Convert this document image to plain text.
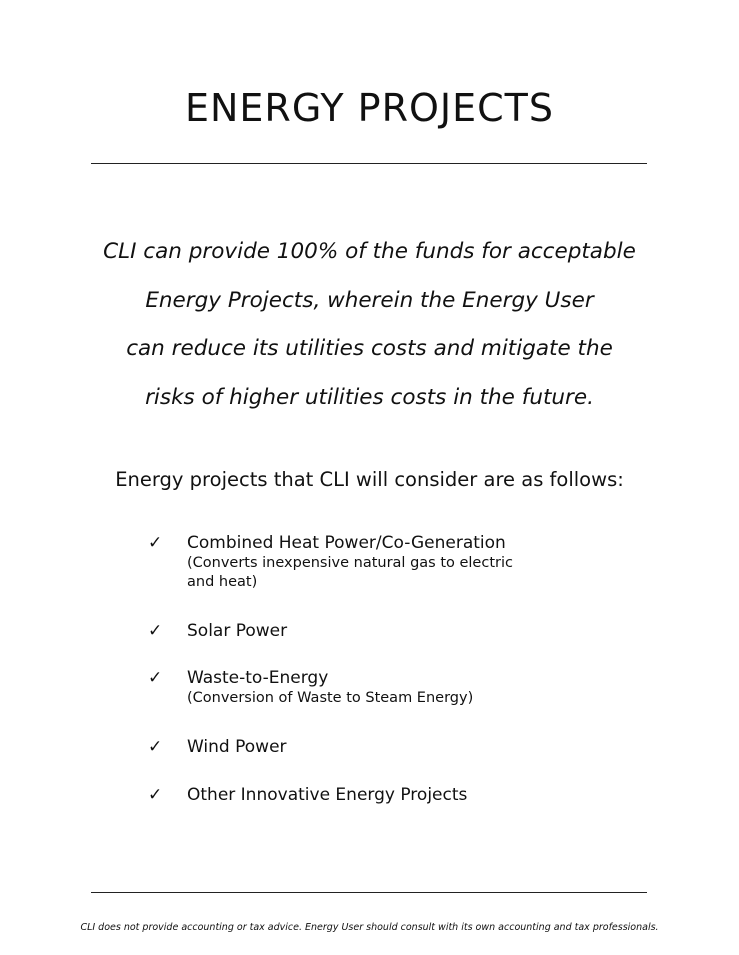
ENERGY PROJECTS
CLI can provide 100% of the funds for acceptable
Energy Projects, wherein the Energy User
can reduce its utilities costs and mitigate the
risks of higher utilities costs in the future.
Energy projects that CLI will consider are as follows:
✓ Combined Heat Power/Co-Generation
(Converts inexpensive natural gas to electric and heat)
✓ Solar Power
✓ Waste-to-Energy
(Conversion of Waste to Steam Energy)
✓ Wind Power
✓ Other Innovative Energy Projects
CLI does not provide accounting or tax advice. Energy User should consult with its own accounting and tax professionals.
